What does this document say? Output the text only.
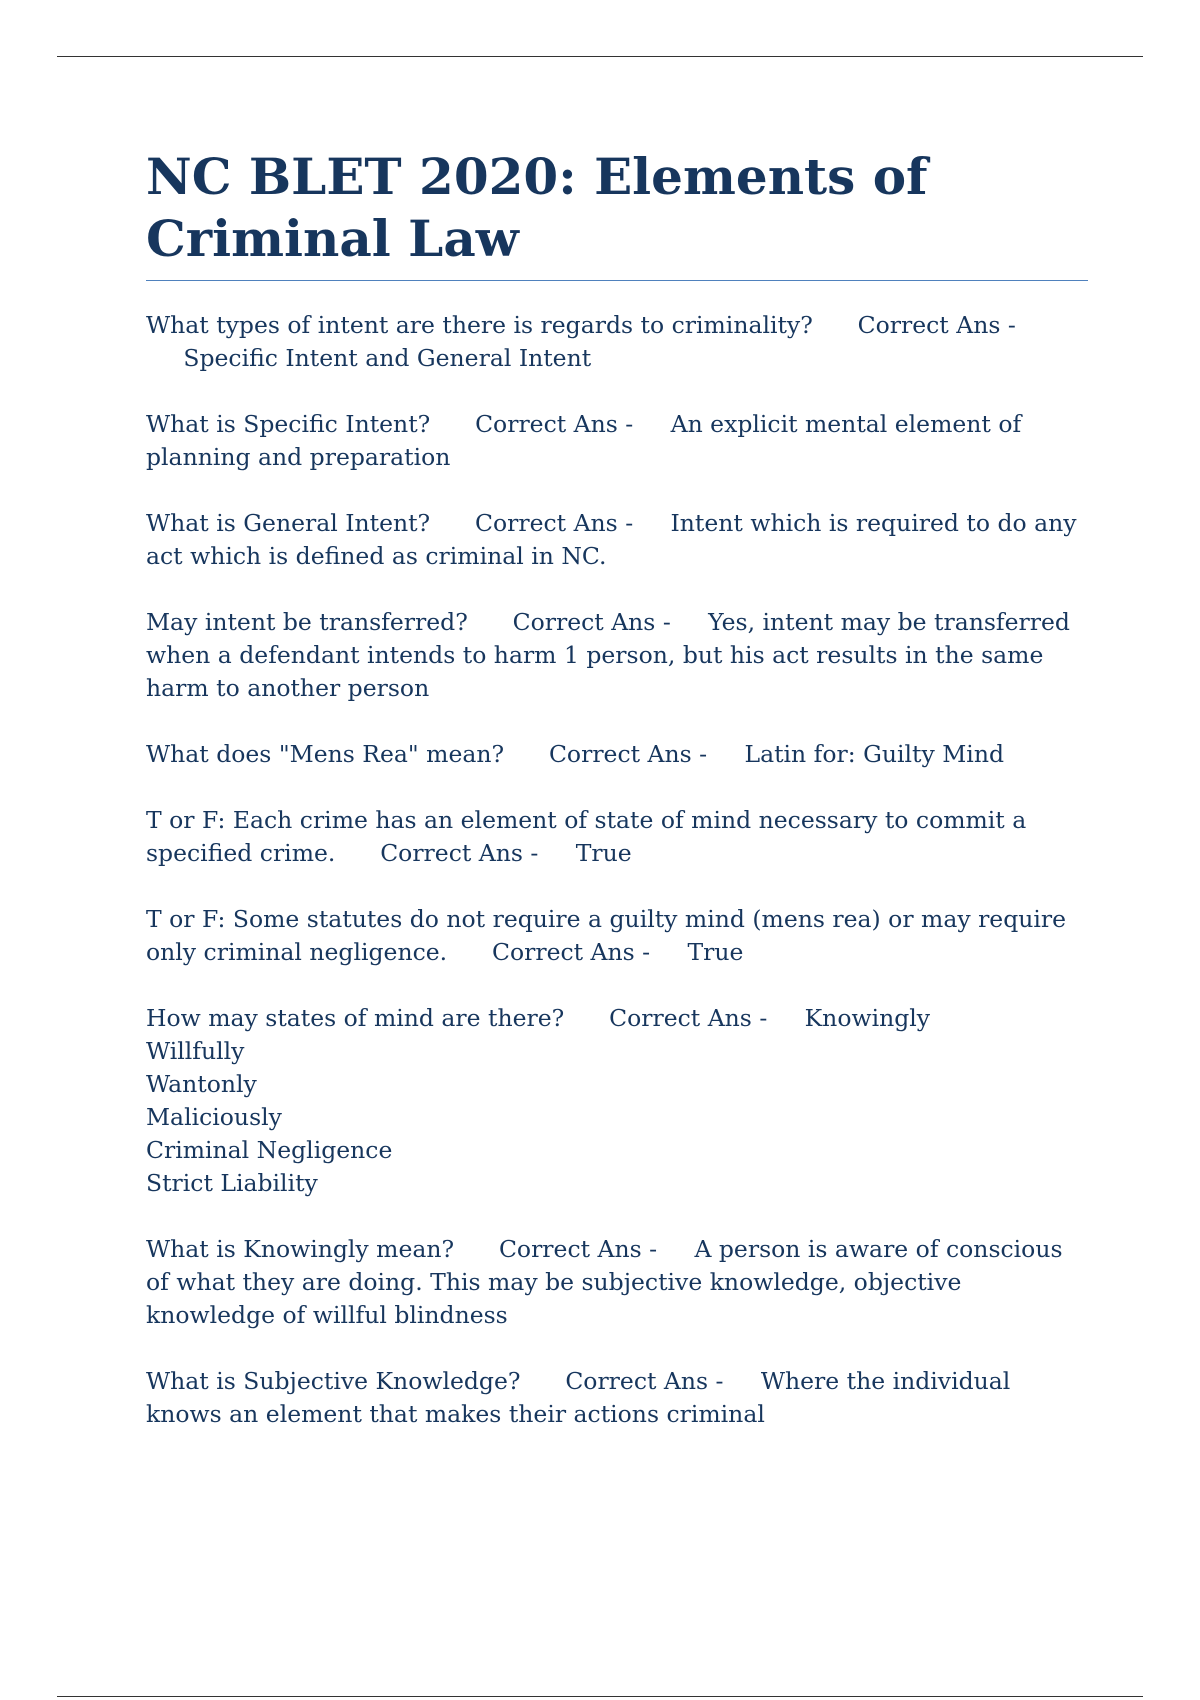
NC BLET 2020: Elements of Criminal Law

What types of intent are there is regards to criminality? Correct Ans -     Specific Intent and General Intent

What is Specific Intent? Correct Ans - An explicit mental element of planning and preparation

What is General Intent? Correct Ans - Intent which is required to do any act which is defined as criminal in NC.

May intent be transferred? Correct Ans - Yes, intent may be transferred when a defendant intends to harm 1 person, but his act results in the same harm to another person

What does "Mens Rea" mean? Correct Ans - Latin for: Guilty Mind

T or F: Each crime has an element of state of mind necessary to commit a specified crime. Correct Ans - True

T or F: Some statutes do not require a guilty mind (mens rea) or may require only criminal negligence. Correct Ans - True

How may states of mind are there? Correct Ans - Knowingly
Willfully
Wantonly
Maliciously
Criminal Negligence
Strict Liability

What is Knowingly mean? Correct Ans - A person is aware of conscious of what they are doing. This may be subjective knowledge, objective knowledge of willful blindness

What is Subjective Knowledge? Correct Ans - Where the individual knows an element that makes their actions criminal
